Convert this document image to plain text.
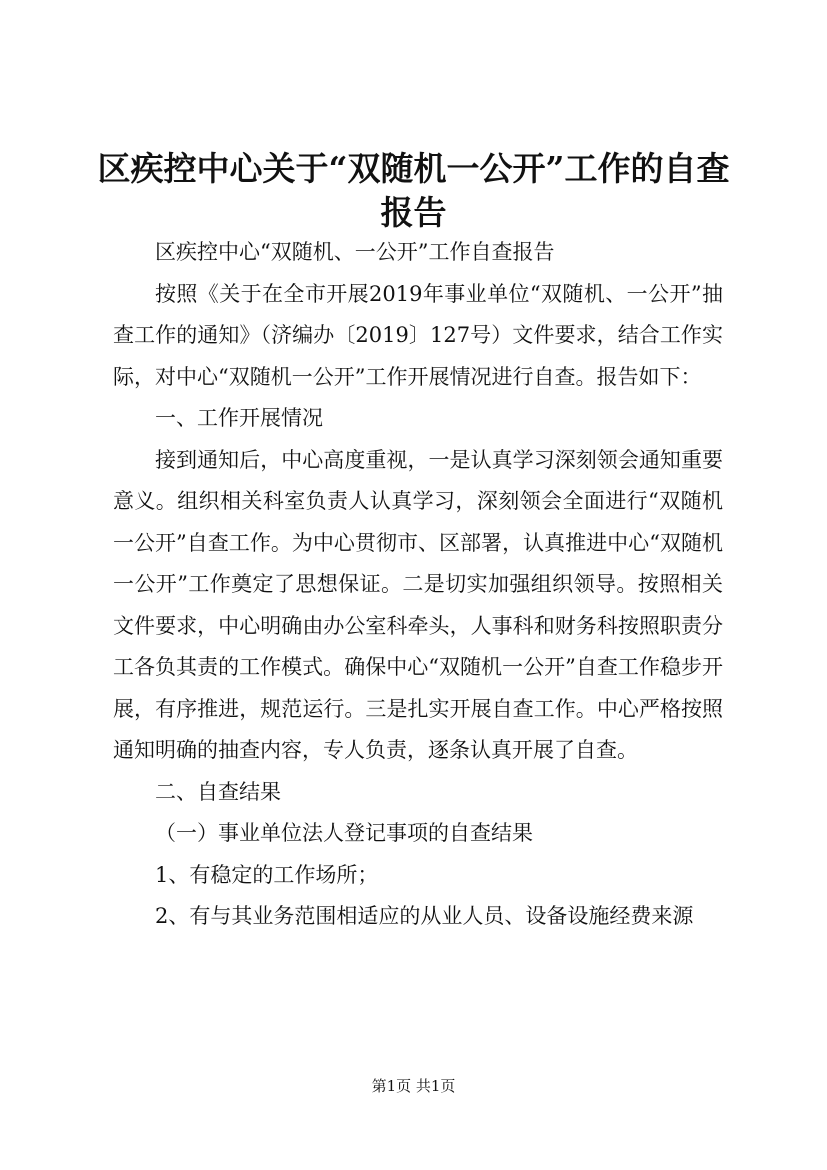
区疾控中心关于“双随机一公开”工作的自查
报告

区疾控中心“双随机、一公开”工作自查报告

按照《关于在全市开展2019年事业单位“双随机、一公开”抽查工作的通知》（济编办〔2019〕127号）文件要求，结合工作实际，对中心“双随机一公开”工作开展情况进行自查。报告如下：

一、工作开展情况

接到通知后，中心高度重视，一是认真学习深刻领会通知重要意义。组织相关科室负责人认真学习，深刻领会全面进行“双随机一公开”自查工作。为中心贯彻市、区部署，认真推进中心“双随机一公开”工作奠定了思想保证。二是切实加强组织领导。按照相关文件要求，中心明确由办公室科牵头，人事科和财务科按照职责分工各负其责的工作模式。确保中心“双随机一公开”自查工作稳步开展，有序推进，规范运行。三是扎实开展自查工作。中心严格按照通知明确的抽查内容，专人负责，逐条认真开展了自查。

二、自查结果

（一）事业单位法人登记事项的自查结果

1、有稳定的工作场所；

2、有与其业务范围相适应的从业人员、设备设施经费来源

第1页 共1页
